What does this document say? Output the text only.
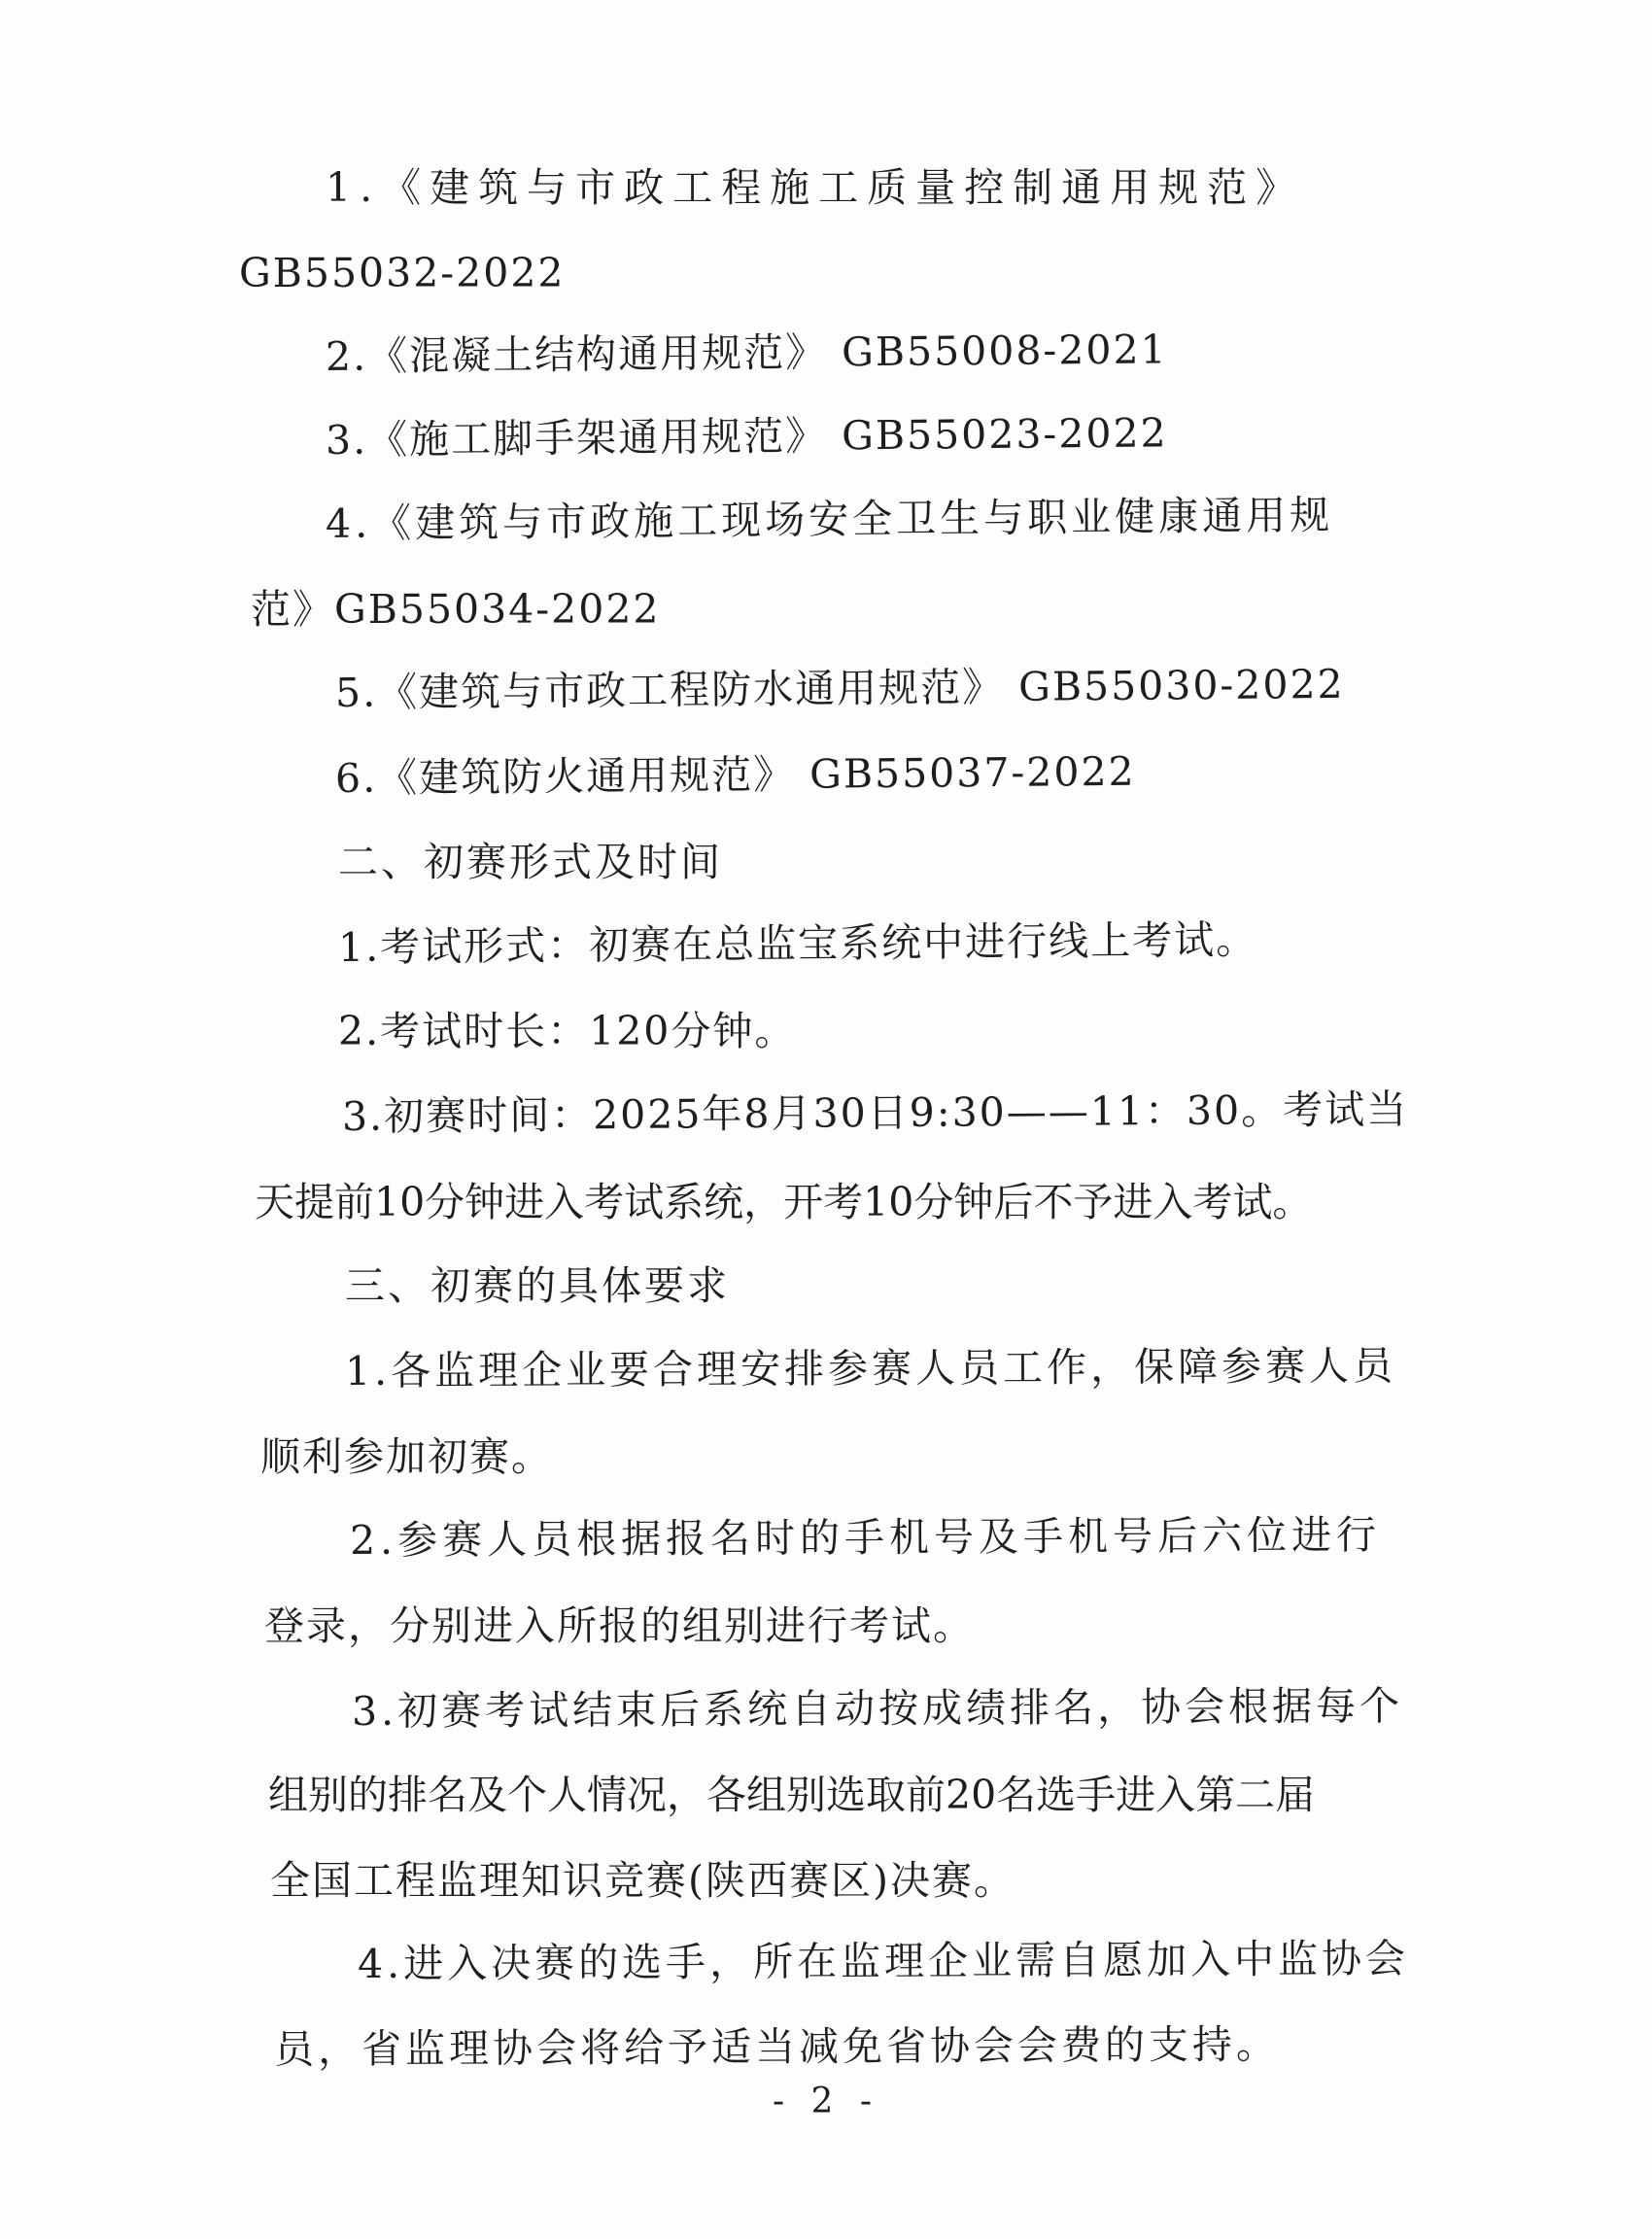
1.《建筑与市政工程施工质量控制通用规范》
GB55032-2022
2.《混凝土结构通用规范》 GB55008-2021
3.《施工脚手架通用规范》 GB55023-2022
4.《建筑与市政施工现场安全卫生与职业健康通用规
范》GB55034-2022
5.《建筑与市政工程防水通用规范》 GB55030-2022
6.《建筑防火通用规范》 GB55037-2022
二、初赛形式及时间
1.考试形式：初赛在总监宝系统中进行线上考试。
2.考试时长：120分钟。
3.初赛时间：2025年8月30日9:30——11：30。考试当
天提前10分钟进入考试系统，开考10分钟后不予进入考试。
三、初赛的具体要求
1.各监理企业要合理安排参赛人员工作，保障参赛人员
顺利参加初赛。
2.参赛人员根据报名时的手机号及手机号后六位进行
登录，分别进入所报的组别进行考试。
3.初赛考试结束后系统自动按成绩排名，协会根据每个
组别的排名及个人情况，各组别选取前20名选手进入第二届
全国工程监理知识竞赛(陕西赛区)决赛。
4.进入决赛的选手，所在监理企业需自愿加入中监协会
员，省监理协会将给予适当减免省协会会费的支持。
- 2 -
